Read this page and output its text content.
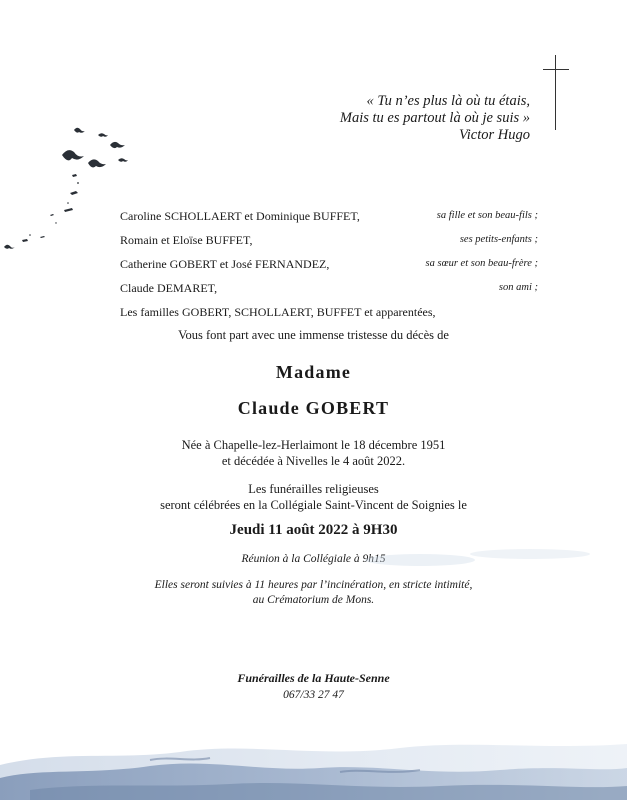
« Tu n’es plus là où tu étais,
Mais tu es partout là où je suis »
Victor Hugo
Caroline SCHOLLAERT et Dominique BUFFET,	sa fille et son beau-fils ;
Romain et Eloïse BUFFET,	ses petits-enfants ;
Catherine GOBERT et José FERNANDEZ,	sa sœur et son beau-frère ;
Claude DEMARET,	son ami ;
Les familles GOBERT, SCHOLLAERT, BUFFET et apparentées,
Vous font part avec une immense tristesse du décès de
Madame
Claude GOBERT
Née à Chapelle-lez-Herlaimont le 18 décembre 1951
et décédée à Nivelles le 4 août 2022.
Les funérailles religieuses
seront célébrées en la Collégiale Saint-Vincent de Soignies le
Jeudi 11 août 2022 à 9H30
Réunion à la Collégiale à 9h15
Elles seront suivies à 11 heures par l’incinération, en stricte intimité,
au Crématorium de Mons.
Funérailles de la Haute-Senne
067/33 27 47
